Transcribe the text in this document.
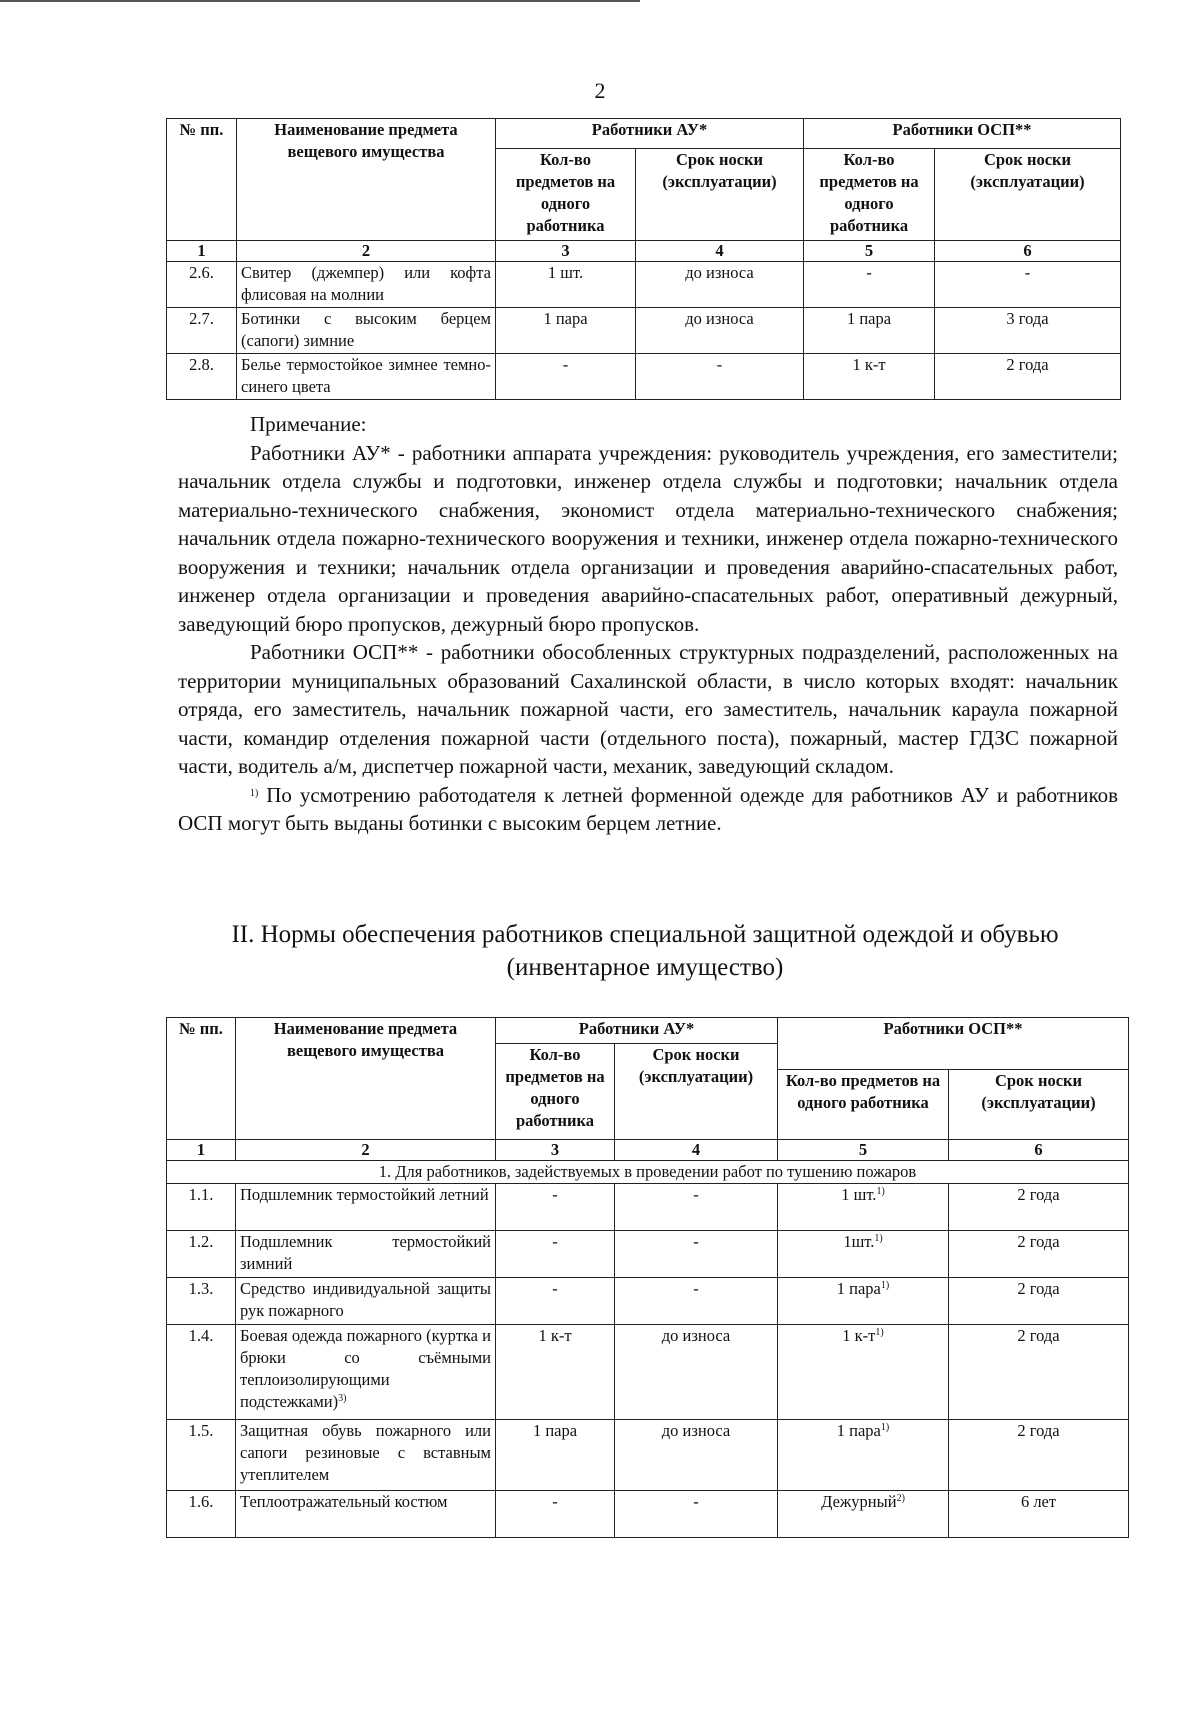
2
№ пп.	Наименование предмета вещевого имущества	Работники АУ*		Работники ОСП**	
		Кол-во предметов на одного работника	Срок носки (эксплуатации)	Кол-во предметов на одного работника	Срок носки (эксплуатации)
1	2	3	4	5	6
2.6.	Свитер (джемпер) или кофта флисовая на молнии	1 шт.	до износа	-	-
2.7.	Ботинки с высоким берцем (сапоги) зимние	1 пара	до износа	1 пара	3 года
2.8.	Белье термостойкое зимнее темно-синего цвета	-	-	1 к-т	2 года

Примечание:

Работники АУ* - работники аппарата учреждения: руководитель учреждения, его заместители; начальник отдела службы и подготовки, инженер отдела службы и подготовки; начальник отдела материально-технического снабжения, экономист отдела материально-технического снабжения; начальник отдела пожарно-технического вооружения и техники, инженер отдела пожарно-технического вооружения и техники; начальник отдела организации и проведения аварийно-спасательных работ, инженер отдела организации и проведения аварийно-спасательных работ, оперативный дежурный, заведующий бюро пропусков, дежурный бюро пропусков.

Работники ОСП** - работники обособленных структурных подразделений, расположенных на территории муниципальных образований Сахалинской области, в число которых входят: начальник отряда, его заместитель, начальник пожарной части, его заместитель, начальник караула пожарной части, командир отделения пожарной части (отдельного поста), пожарный, мастер ГДЗС пожарной части, водитель а/м, диспетчер пожарной части, механик, заведующий складом.

$^{1)}$ По усмотрению работодателя к летней форменной одежде для работников АУ и работников ОСП могут быть выданы ботинки с высоким берцем летние.

II. Нормы обеспечения работников специальной защитной одеждой и обувью
(инвентарное имущество)
№ пп.	Наименование предмета вещевого имущества	Работники АУ*		Работники ОСП**	
		Кол-во предметов на одного работника	Срок носки (эксплуатации)		
				Кол-во предметов на одного работника	Срок носки (эксплуатации)
1	2	3	4	5	6
1. Для работников, задействуемых в проведении работ по тушению пожаров					
1.1.	Подшлемник термостойкий летний	-	-	1 шт.$^{1)}$	2 года
1.2.	Подшлемник термостойкий зимний	-	-	1шт.$^{1)}$	2 года
1.3.	Средство индивидуальной защиты рук пожарного	-	-	1 пара$^{1)}$	2 года
1.4.	Боевая одежда пожарного (куртка и брюки со съёмными теплоизолирующими подстежками)$^{3)}$	1 к-т	до износа	1 $к-т^{1)}$	2 года
1.5.	Защитная обувь пожарного или сапоги резиновые с вставным утеплителем	1 пара	до износа	1 пара$^{1)}$	2 года
1.6.	Теплоотражательный костюм	-	-	Дежурный$^{2)}$	6 лет
